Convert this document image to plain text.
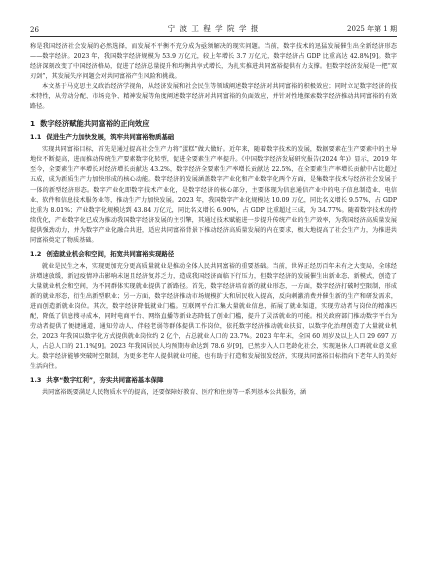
26	宁 波 工 程 学 院 学 报	2025 年第 1 期

称是我国经济社会发展的必然选择，而发展不平衡不充分成为亟须解决的现实问题。当前，数字技术的迅猛发展催生出全新经济形态——数字经济。2023 年，我国数字经济规模为 53.9 万亿元，较上年增长 3.7 万亿元，数字经济占 GDP 比重高达 42.8%[9]。数字经济深刻改变了中国经济格局，促进了经济总量提升和均衡共享式增长，为扎实推进共同富裕提供有力支撑。但数字经济发展是一把“双刃剑”，其发展失序问题会对共同富裕产生风险和挑战。

本文基于马克思主义政治经济学视角，从经济发展和社会民生等领域阐述数字经济对共同富裕的积极效应；同时立足数字经济的技术特性，从劳动分配、市场竞争、精神发展等角度阐述数字经济对共同富裕的负面效应，并针对性地探索数字经济推动共同富裕的有效路径。

1 数字经济赋能共同富裕的正向效应
1.1 促进生产力加快发展，筑牢共同富裕物质基础

实现共同富裕目标，首先是通过提高社会生产力将“蛋糕”做大做好。近年来，随着数字技术的发展，数据要素在生产要素中的主导地位不断提高，进而推动传统生产要素数字化转型，促进全要素生产率提升。《中国数字经济发展研究报告(2024 年)》显示，2019 年至今，全要素生产率增长对经济增长贡献达 43.2%，数字经济全要素生产率增长贡献达 22.5%，在全要素生产率增长贡献中占比超过五成，成为新质生产力加快形成的核心动能。数字经济的发展涵盖数字产业化和产业数字化两个方面，是集数字技术与经济社会发展于一体的新型经济形态。数字产业化即数字技术产业化，是数字经济的核心部分，主要体现为信息通信产业中的电子信息制造业、电信业、软件和信息技术服务业等，推动生产力加快发展。2023 年，我国数字产业化规模达 10.09 万亿，同比名义增长 9.57%，占 GDP 比重为 8.01%；产业数字化规模达到 43.84 万亿元，同比名义增长 6.90%，占 GDP 比重超过三成，为 34.77%。随着数字技术的持续优化，产业数字化已成为推动我国数字经济发展的主引擎，其通过技术赋能进一步提升传统产业的生产效率，为我国经济高质量发展提供强劲动力，并为数字产业化融合共进，适应共同富裕背景下推动经济高质量发展的内在要求，极大地提高了社会生产力，为推进共同富裕奠定了物质基础。

1.2 创造就业机会和空间，拓宽共同富裕实现路径

就业是民生之本，实现更加充分更高质量就业是推动全体人民共同富裕的重要基础。当前，世界正经历百年未有之大变局，全球经济增速放缓，新冠疫情冲击影响未退且经济复苏乏力，造成我国经济面临下行压力，但数字经济的发展催生出新业态、新模式，创造了大量就业机会和空间，为不同群体实现就业提供了新路径。首先，数字经济培育新的就业形态，一方面，数字经济打破时空限制，形成新的就业形态，衍生出新型职业；另一方面，数字经济推动市场规模扩大和居民收入提高，反向刺激消费并催生新的生产和研发需求，进而创造新就业岗位。其次，数字经济降低就业门槛。互联网平台汇集大量就业信息，拓展了就业渠道，实现劳动者与岗位的精准匹配，降低了信息搜寻成本，同时电商平台、网络直播等新业态降低了创业门槛，提升了灵活就业的可能。相关政府部门推动数字平台为劳动者提供了便捷通道，通知劳动人、伴轻老弱等群体提供工作岗位，依托数字经济推动就业扶贫，以数字化治理创造了大量就业机会，2023 年我国以数字化方式提供就业岗位约 2 亿个，占总就业人口的 23.7%。2023 年年末，全国 60 周岁及以上人口 29 697 万人，占总人口的 21.1%[9]。2023 年我国居民人均预期寿命达到 78.6 岁[9]，已然步入人口老龄化社会，实现退休人口再就业意义重大。数字经济能够突破时空限制，为更多老年人提供就业可能，也有助于打造和发展银发经济，实现共同富裕目标指向下老年人的美好生活向往。

1.3 共享“数字红利”，夯实共同富裕基本保障

共同富裕既要满足人民物质水平的提高，还要保障好教育、医疗和住房等一系列基本公共服务，涵
